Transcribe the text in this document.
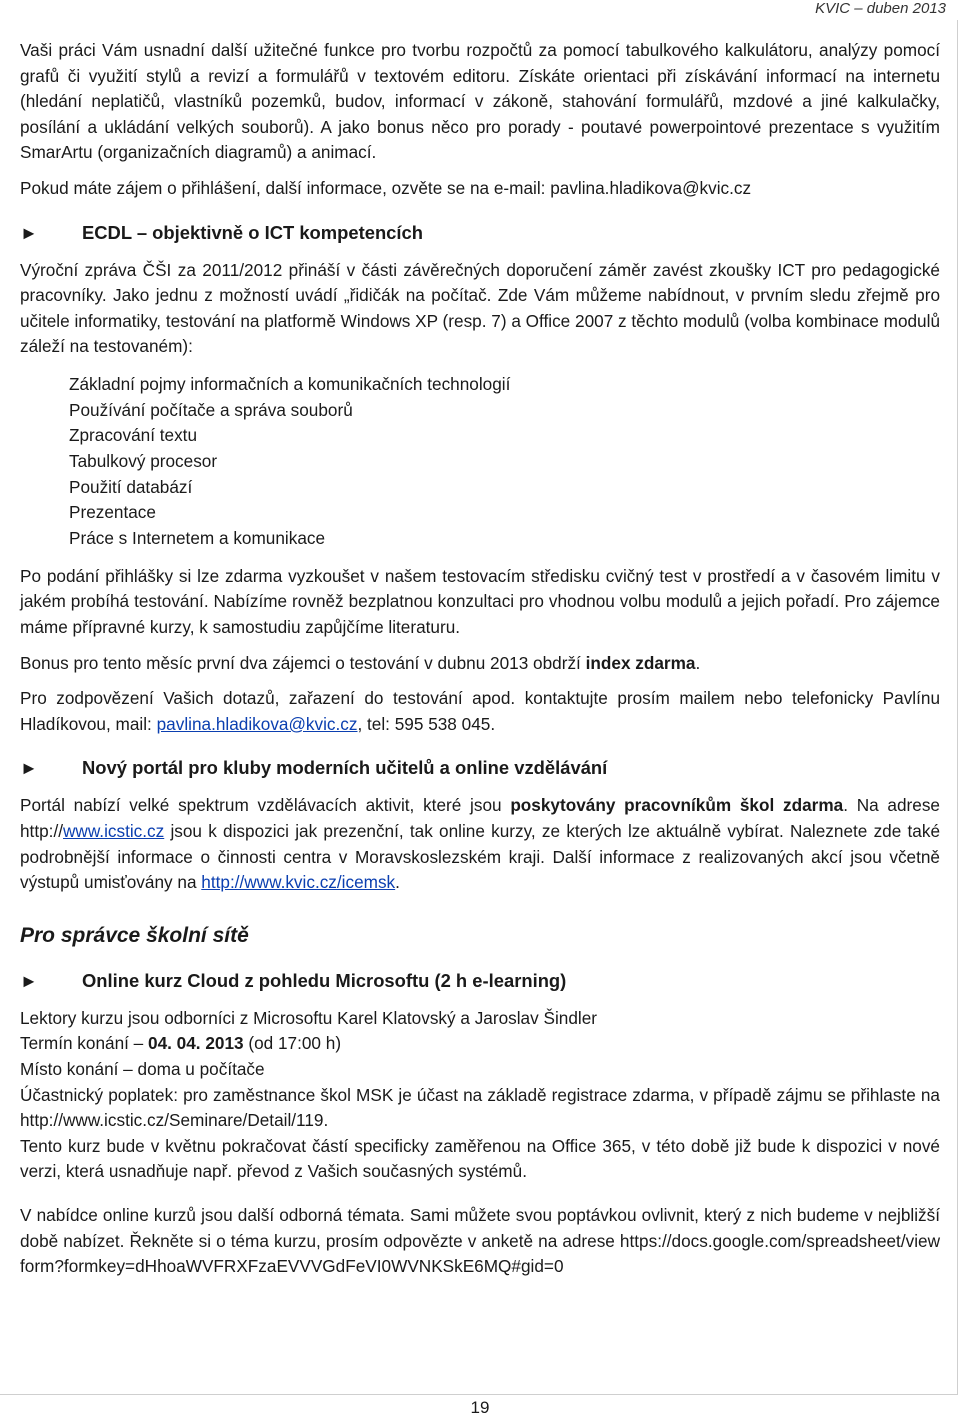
KVIC – duben 2013

Vaši práci Vám usnadní další užitečné funkce pro tvorbu rozpočtů za pomocí tabulkového kalkulátoru, analýzy pomocí grafů či využití stylů a revizí a formulářů v textovém editoru. Získáte orientaci při získávání informací na internetu (hledání neplatičů, vlastníků pozemků, budov, informací v zákoně, stahování formulářů, mzdové a jiné kalkulačky, posílání a ukládání velkých souborů). A jako bonus něco pro porady - poutavé powerpointové prezentace s využitím SmarArtu (organizačních diagramů) a animací.

Pokud máte zájem o přihlášení, další informace, ozvěte se na e-mail: pavlina.hladikova@kvic.cz

►	ECDL – objektivně o ICT kompetencích

Výroční zpráva ČŠI za 2011/2012 přináší v části závěrečných doporučení záměr zavést zkoušky ICT pro pedagogické pracovníky. Jako jednu z možností uvádí „řidičák na počítač. Zde Vám můžeme nabídnout, v prvním sledu zřejmě pro učitele informatiky, testování na platformě Windows XP (resp. 7) a Office 2007 z těchto modulů (volba kombinace modulů záleží na testovaném):

Základní pojmy informačních a komunikačních technologií
Používání počítače a správa souborů
Zpracování textu
Tabulkový procesor
Použití databází
Prezentace
Práce s Internetem a komunikace

Po podání přihlášky si lze zdarma vyzkoušet v našem testovacím středisku cvičný test v prostředí a v časovém limitu v jakém probíhá testování. Nabízíme rovněž bezplatnou konzultaci pro vhodnou volbu modulů a jejich pořadí. Pro zájemce máme přípravné kurzy, k samostudiu zapůjčíme literaturu.

Bonus pro tento měsíc první dva zájemci o testování v dubnu 2013 obdrží index zdarma.

Pro zodpovězení Vašich dotazů, zařazení do testování apod. kontaktujte prosím mailem nebo telefonicky Pavlínu Hladíkovou, mail: pavlina.hladikova@kvic.cz, tel: 595 538 045.

►	Nový portál pro kluby moderních učitelů a online vzdělávání

Portál nabízí velké spektrum vzdělávacích aktivit, které jsou poskytovány pracovníkům škol zdarma. Na adrese http://www.icstic.cz jsou k dispozici jak prezenční, tak online kurzy, ze kterých lze aktuálně vybírat. Naleznete zde také podrobnější informace o činnosti centra v Moravskoslezském kraji. Další informace z realizovaných akcí jsou včetně výstupů umisťovány na http://www.kvic.cz/icemsk.

Pro správce školní sítě
►	Online kurz Cloud z pohledu Microsoftu (2 h e-learning)

Lektory kurzu jsou odborníci z Microsoftu Karel Klatovský a Jaroslav Šindler

Termín konání – 04. 04. 2013 (od 17:00 h)

Místo konání – doma u počítače

Účastnický poplatek: pro zaměstnance škol MSK je účast na základě registrace zdarma, v případě zájmu se přihlaste na http://www.icstic.cz/Seminare/Detail/119.

Tento kurz bude v květnu pokračovat částí specificky zaměřenou na Office 365, v této době již bude k dispozici v nové verzi, která usnadňuje např. převod z Vašich současných systémů.

V nabídce online kurzů jsou další odborná témata. Sami můžete svou poptávkou ovlivnit, který z nich budeme v nejbližší době nabízet. Řekněte si o téma kurzu, prosím odpovězte v anketě na adrese https://docs.google.com/spreadsheet/viewform?formkey=dHhoaWVFRXFzaEVVVGdFeVI0WVNKSkE6MQ#gid=0

19
